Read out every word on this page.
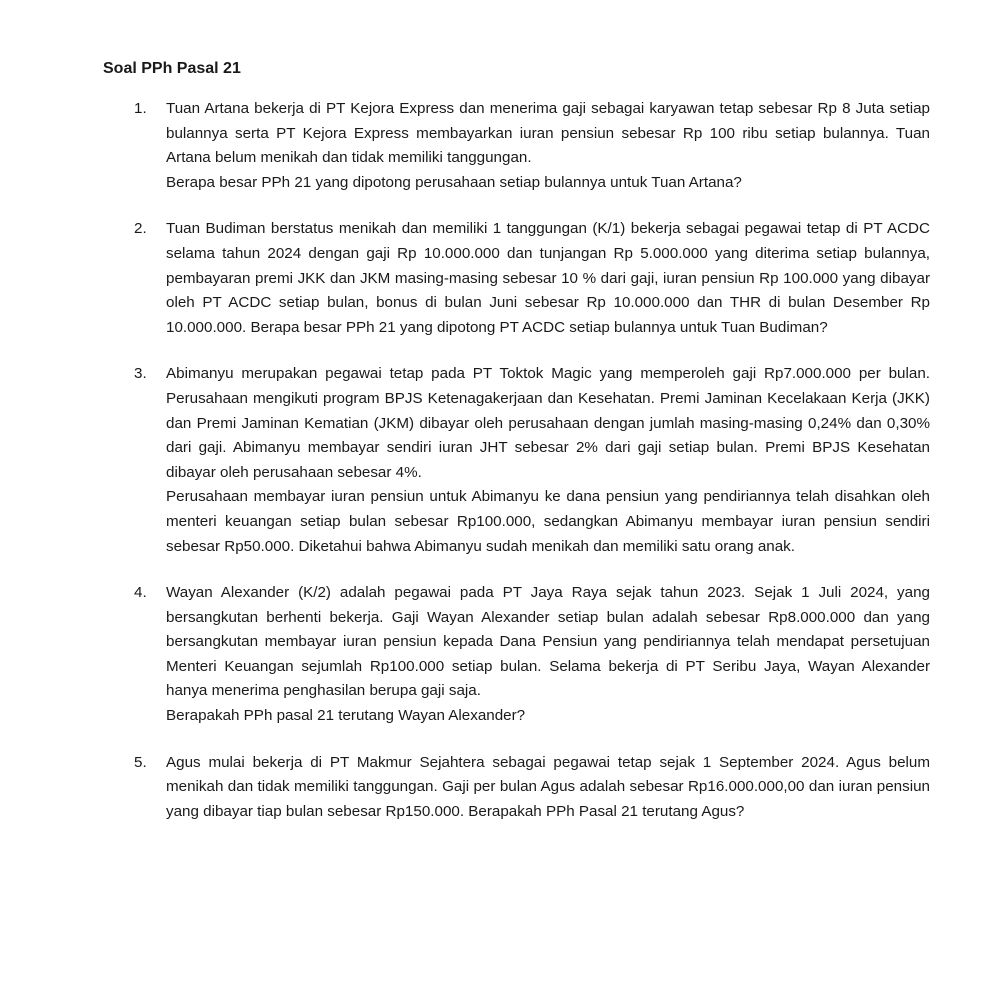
Soal PPh Pasal 21
1.	Tuan Artana bekerja di PT Kejora Express dan menerima gaji sebagai karyawan tetap sebesar Rp 8 Juta setiap bulannya serta PT Kejora Express membayarkan iuran pensiun sebesar Rp 100 ribu setiap bulannya. Tuan Artana belum menikah dan tidak memiliki tanggungan.

Berapa besar PPh 21 yang dipotong perusahaan setiap bulannya untuk Tuan Artana?

2.	Tuan Budiman berstatus menikah dan memiliki 1 tanggungan (K/1) bekerja sebagai pegawai tetap di PT ACDC selama tahun 2024 dengan gaji Rp 10.000.000 dan tunjangan Rp 5.000.000 yang diterima setiap bulannya, pembayaran premi JKK dan JKM masing-masing sebesar 10 % dari gaji, iuran pensiun Rp 100.000 yang dibayar oleh PT ACDC setiap bulan, bonus di bulan Juni sebesar Rp 10.000.000 dan THR di bulan Desember Rp 10.000.000. Berapa besar PPh 21 yang dipotong PT ACDC setiap bulannya untuk Tuan Budiman?

3.	Abimanyu merupakan pegawai tetap pada PT Toktok Magic yang memperoleh gaji Rp7.000.000 per bulan. Perusahaan mengikuti program BPJS Ketenagakerjaan dan Kesehatan. Premi Jaminan Kecelakaan Kerja (JKK) dan Premi Jaminan Kematian (JKM) dibayar oleh perusahaan dengan jumlah masing-masing 0,24% dan 0,30% dari gaji. Abimanyu membayar sendiri iuran JHT sebesar 2% dari gaji setiap bulan. Premi BPJS Kesehatan dibayar oleh perusahaan sebesar 4%.

Perusahaan membayar iuran pensiun untuk Abimanyu ke dana pensiun yang pendiriannya telah disahkan oleh menteri keuangan setiap bulan sebesar Rp100.000, sedangkan Abimanyu membayar iuran pensiun sendiri sebesar Rp50.000. Diketahui bahwa Abimanyu sudah menikah dan memiliki satu orang anak.

4.	Wayan Alexander (K/2) adalah pegawai pada PT Jaya Raya sejak tahun 2023. Sejak 1 Juli 2024, yang bersangkutan berhenti bekerja. Gaji Wayan Alexander setiap bulan adalah sebesar Rp8.000.000 dan yang bersangkutan membayar iuran pensiun kepada Dana Pensiun yang pendiriannya telah mendapat persetujuan Menteri Keuangan sejumlah Rp100.000 setiap bulan. Selama bekerja di PT Seribu Jaya, Wayan Alexander hanya menerima penghasilan berupa gaji saja.

Berapakah PPh pasal 21 terutang Wayan Alexander?

5.	Agus mulai bekerja di PT Makmur Sejahtera sebagai pegawai tetap sejak 1 September 2024. Agus belum menikah dan tidak memiliki tanggungan. Gaji per bulan Agus adalah sebesar Rp16.000.000,00 dan iuran pensiun yang dibayar tiap bulan sebesar Rp150.000. Berapakah PPh Pasal 21 terutang Agus?
